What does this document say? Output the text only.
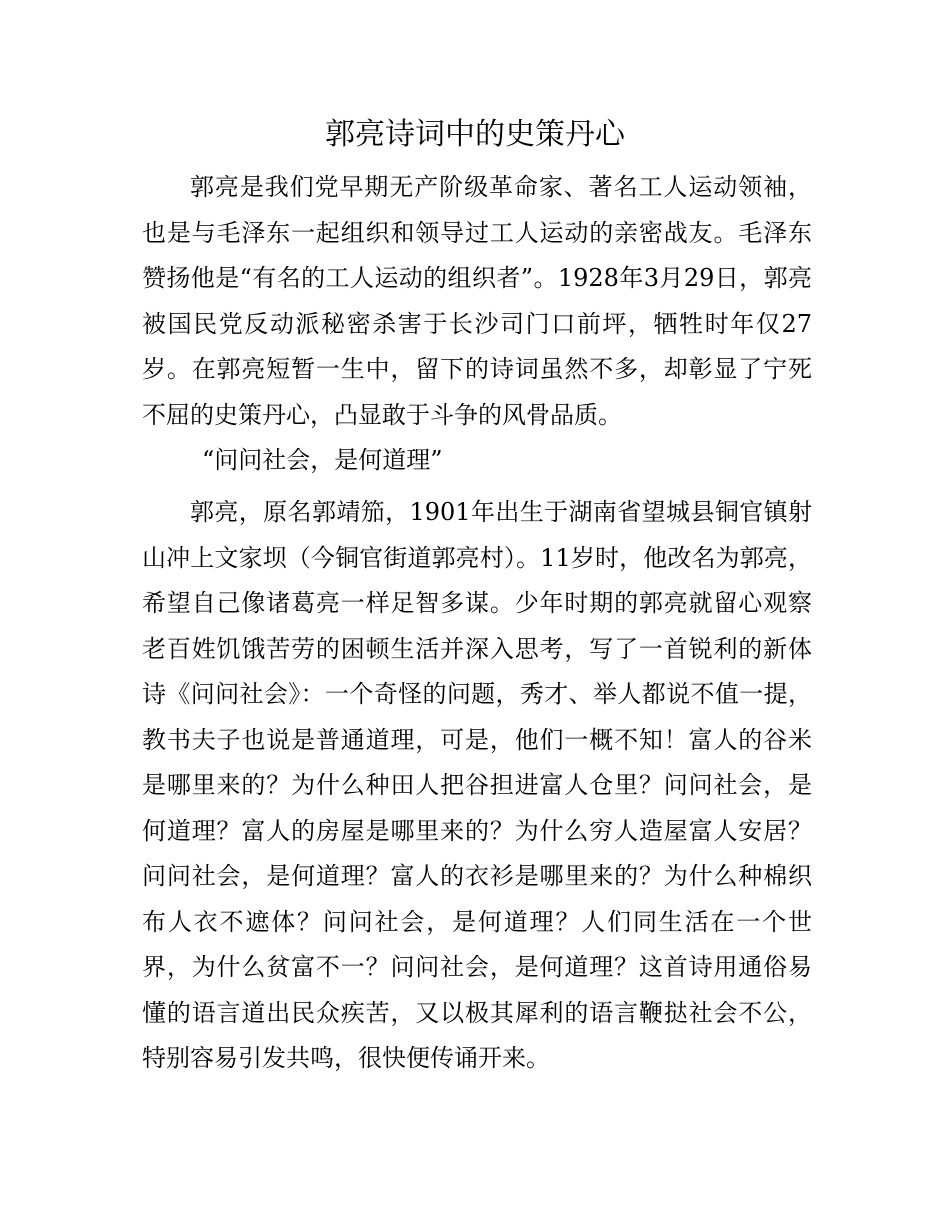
郭亮诗词中的史策丹心

郭亮是我们党早期无产阶级革命家、著名工人运动领袖，也是与毛泽东一起组织和领导过工人运动的亲密战友。毛泽东赞扬他是“有名的工人运动的组织者”。1928年3月29日，郭亮被国民党反动派秘密杀害于长沙司门口前坪，牺牲时年仅27岁。在郭亮短暂一生中，留下的诗词虽然不多，却彰显了宁死不屈的史策丹心，凸显敢于斗争的风骨品质。

“问问社会，是何道理”

郭亮，原名郭靖笳，1901年出生于湖南省望城县铜官镇射山冲上文家坝（今铜官街道郭亮村）。11岁时，他改名为郭亮，希望自己像诸葛亮一样足智多谋。少年时期的郭亮就留心观察老百姓饥饿苦劳的困顿生活并深入思考，写了一首锐利的新体诗《问问社会》：一个奇怪的问题，秀才、举人都说不值一提，教书夫子也说是普通道理，可是，他们一概不知！富人的谷米是哪里来的？为什么种田人把谷担进富人仓里？问问社会，是何道理？富人的房屋是哪里来的？为什么穷人造屋富人安居？问问社会，是何道理？富人的衣衫是哪里来的？为什么种棉织布人衣不遮体？问问社会，是何道理？人们同生活在一个世界，为什么贫富不一？问问社会，是何道理？这首诗用通俗易懂的语言道出民众疾苦，又以极其犀利的语言鞭挞社会不公，特别容易引发共鸣，很快便传诵开来。
